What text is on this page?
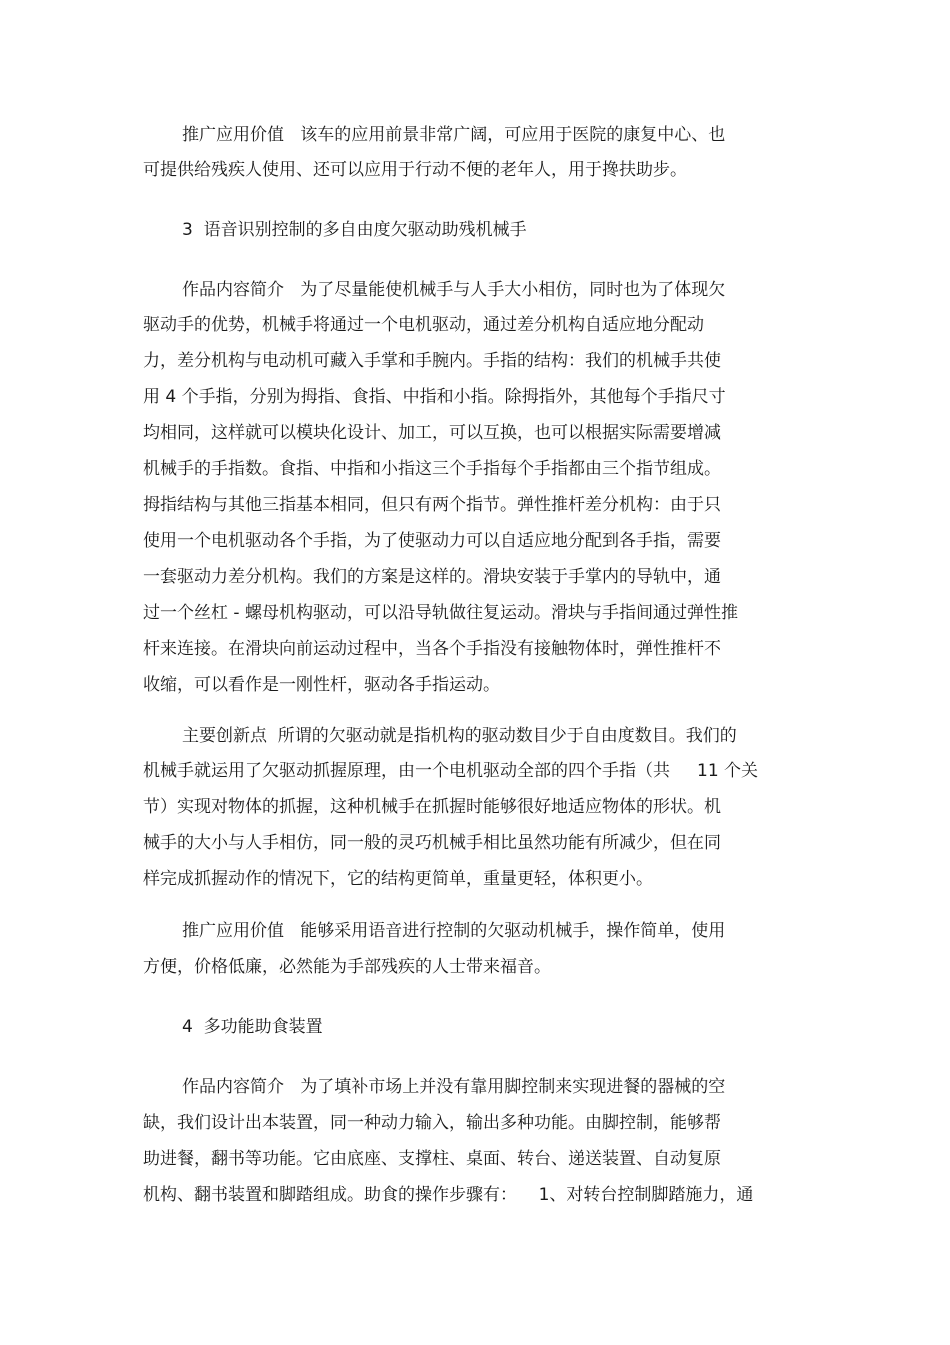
推广应用价值   该车的应用前景非常广阔，可应用于医院的康复中心、也
可提供给残疾人使用、还可以应用于行动不便的老年人，用于搀扶助步。
3  语音识别控制的多自由度欠驱动助残机械手
作品内容简介   为了尽量能使机械手与人手大小相仿，同时也为了体现欠
驱动手的优势，机械手将通过一个电机驱动，通过差分机构自适应地分配动
力，差分机构与电动机可藏入手掌和手腕内。手指的结构：我们的机械手共使
用 4 个手指，分别为拇指、食指、中指和小指。除拇指外，其他每个手指尺寸
均相同，这样就可以模块化设计、加工，可以互换，也可以根据实际需要增减
机械手的手指数。食指、中指和小指这三个手指每个手指都由三个指节组成。
拇指结构与其他三指基本相同，但只有两个指节。弹性推杆差分机构：由于只
使用一个电机驱动各个手指，为了使驱动力可以自适应地分配到各手指，需要
一套驱动力差分机构。我们的方案是这样的。滑块安装于手掌内的导轨中，通
过一个丝杠 - 螺母机构驱动，可以沿导轨做往复运动。滑块与手指间通过弹性推
杆来连接。在滑块向前运动过程中，当各个手指没有接触物体时，弹性推杆不
收缩，可以看作是一刚性杆，驱动各手指运动。
主要创新点  所谓的欠驱动就是指机构的驱动数目少于自由度数目。我们的
机械手就运用了欠驱动抓握原理，由一个电机驱动全部的四个手指（共     11 个关
节）实现对物体的抓握，这种机械手在抓握时能够很好地适应物体的形状。机
械手的大小与人手相仿，同一般的灵巧机械手相比虽然功能有所减少，但在同
样完成抓握动作的情况下，它的结构更简单，重量更轻，体积更小。
推广应用价值   能够采用语音进行控制的欠驱动机械手，操作简单，使用
方便，价格低廉，必然能为手部残疾的人士带来福音。
4  多功能助食装置
作品内容简介   为了填补市场上并没有靠用脚控制来实现进餐的器械的空
缺，我们设计出本装置，同一种动力输入，输出多种功能。由脚控制，能够帮
助进餐，翻书等功能。它由底座、支撑柱、桌面、转台、递送装置、自动复原
机构、翻书装置和脚踏组成。助食的操作步骤有：    1、对转台控制脚踏施力，通
